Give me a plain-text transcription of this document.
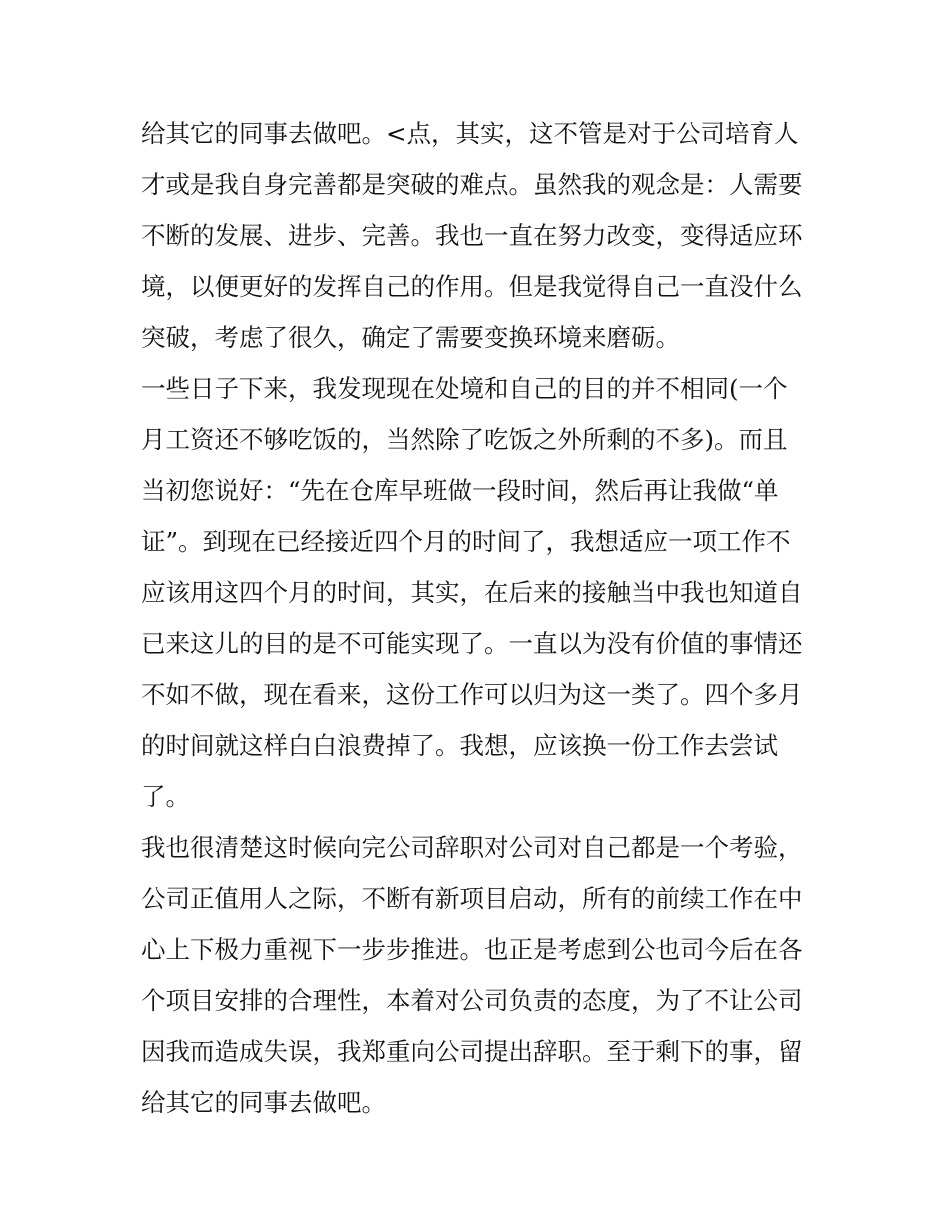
给其它的同事去做吧。<点，其实，这不管是对于公司培育人
才或是我自身完善都是突破的难点。虽然我的观念是：人需要
不断的发展、进步、完善。我也一直在努力改变，变得适应环
境，以便更好的发挥自己的作用。但是我觉得自己一直没什么
突破，考虑了很久，确定了需要变换环境来磨砺。
一些日子下来，我发现现在处境和自己的目的并不相同(一个
月工资还不够吃饭的，当然除了吃饭之外所剩的不多)。而且
当初您说好：“先在仓库早班做一段时间，然后再让我做“单
证”。到现在已经接近四个月的时间了，我想适应一项工作不
应该用这四个月的时间，其实，在后来的接触当中我也知道自
已来这儿的目的是不可能实现了。一直以为没有价值的事情还
不如不做，现在看来，这份工作可以归为这一类了。四个多月
的时间就这样白白浪费掉了。我想，应该换一份工作去尝试
了。
我也很清楚这时候向完公司辞职对公司对自己都是一个考验，
公司正值用人之际，不断有新项目启动，所有的前续工作在中
心上下极力重视下一步步推进。也正是考虑到公也司今后在各
个项目安排的合理性，本着对公司负责的态度，为了不让公司
因我而造成失误，我郑重向公司提出辞职。至于剩下的事，留
给其它的同事去做吧。
